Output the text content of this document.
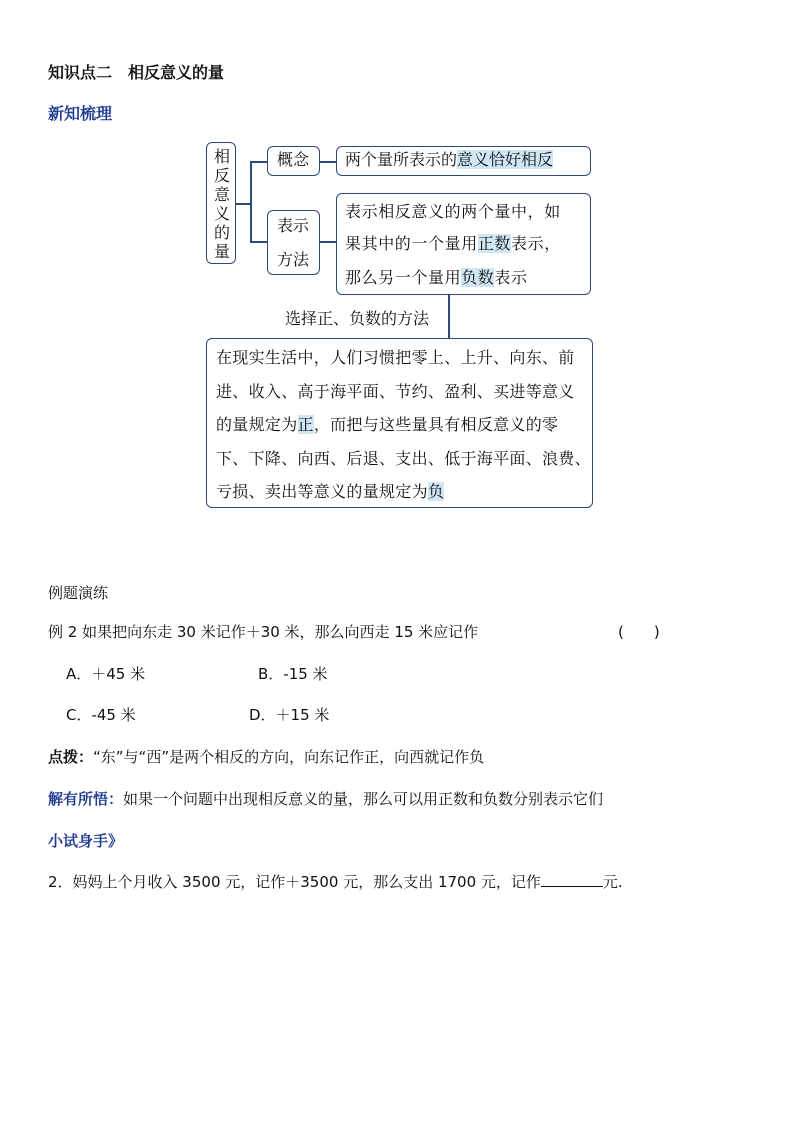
知识点二　相反意义的量
新知梳理
相反意义的量
概念 两个量所表示的意义恰好相反
表示
方法
表示相反意义的两个量中，如
果其中的一个量用正数表示，
那么另一个量用负数表示
选择正、负数的方法
在现实生活中，人们习惯把零上、上升、向东、前
进、收入、高于海平面、节约、盈利、买进等意义
的量规定为正，而把与这些量具有相反意义的零
下、下降、向西、后退、支出、低于海平面、浪费、
亏损、卖出等意义的量规定为负
例题演练
例 2 如果把向东走 30 米记作＋30 米，那么向西走 15 米应记作	(　　)
A．＋45 米	B．-15 米
C．-45 米	D．＋15 米
点拨：“东”与“西”是两个相反的方向，向东记作正，向西就记作负
解有所悟：如果一个问题中出现相反意义的量，那么可以用正数和负数分别表示它们
小试身手》
2．妈妈上个月收入 3500 元，记作＋3500 元，那么支出 1700 元，记作	元.
